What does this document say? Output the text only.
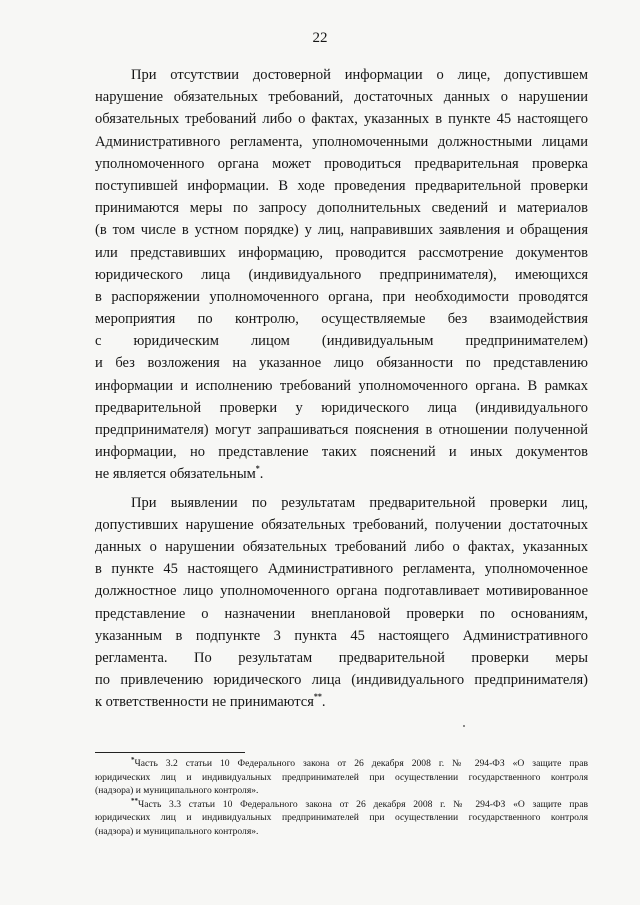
22
При отсутствии достоверной информации о лице, допустившем
нарушение обязательных требований, достаточных данных о нарушении
обязательных требований либо о фактах, указанных в пункте 45 настоящего
Административного регламента, уполномоченными должностными лицами
уполномоченного органа может проводиться предварительная проверка
поступившей информации. В ходе проведения предварительной проверки
принимаются меры по запросу дополнительных сведений и материалов
(в том числе в устном порядке) у лиц, направивших заявления и обращения
или представивших информацию, проводится рассмотрение документов
юридического лица (индивидуального предпринимателя), имеющихся
в распоряжении уполномоченного органа, при необходимости проводятся
мероприятия по контролю, осуществляемые без взаимодействия
с юридическим лицом (индивидуальным предпринимателем)
и без возложения на указанное лицо обязанности по представлению
информации и исполнению требований уполномоченного органа. В рамках
предварительной проверки у юридического лица (индивидуального
предпринимателя) могут запрашиваться пояснения в отношении полученной
информации, но представление таких пояснений и иных документов
не является обязательным*.
При выявлении по результатам предварительной проверки лиц,
допустивших нарушение обязательных требований, получении достаточных
данных о нарушении обязательных требований либо о фактах, указанных
в пункте 45 настоящего Административного регламента, уполномоченное
должностное лицо уполномоченного органа подготавливает мотивированное
представление о назначении внеплановой проверки по основаниям,
указанным в подпункте 3 пункта 45 настоящего Административного
регламента. По результатам предварительной проверки меры
по привлечению юридического лица (индивидуального предпринимателя)
к ответственности не принимаются**.
*Часть 3.2 статьи 10 Федерального закона от 26 декабря 2008 г. № 294-ФЗ «О защите прав
юридических лиц и индивидуальных предпринимателей при осуществлении государственного контроля
(надзора) и муниципального контроля».
**Часть 3.3 статьи 10 Федерального закона от 26 декабря 2008 г. № 294-ФЗ «О защите прав
юридических лиц и индивидуальных предпринимателей при осуществлении государственного контроля
(надзора) и муниципального контроля».
